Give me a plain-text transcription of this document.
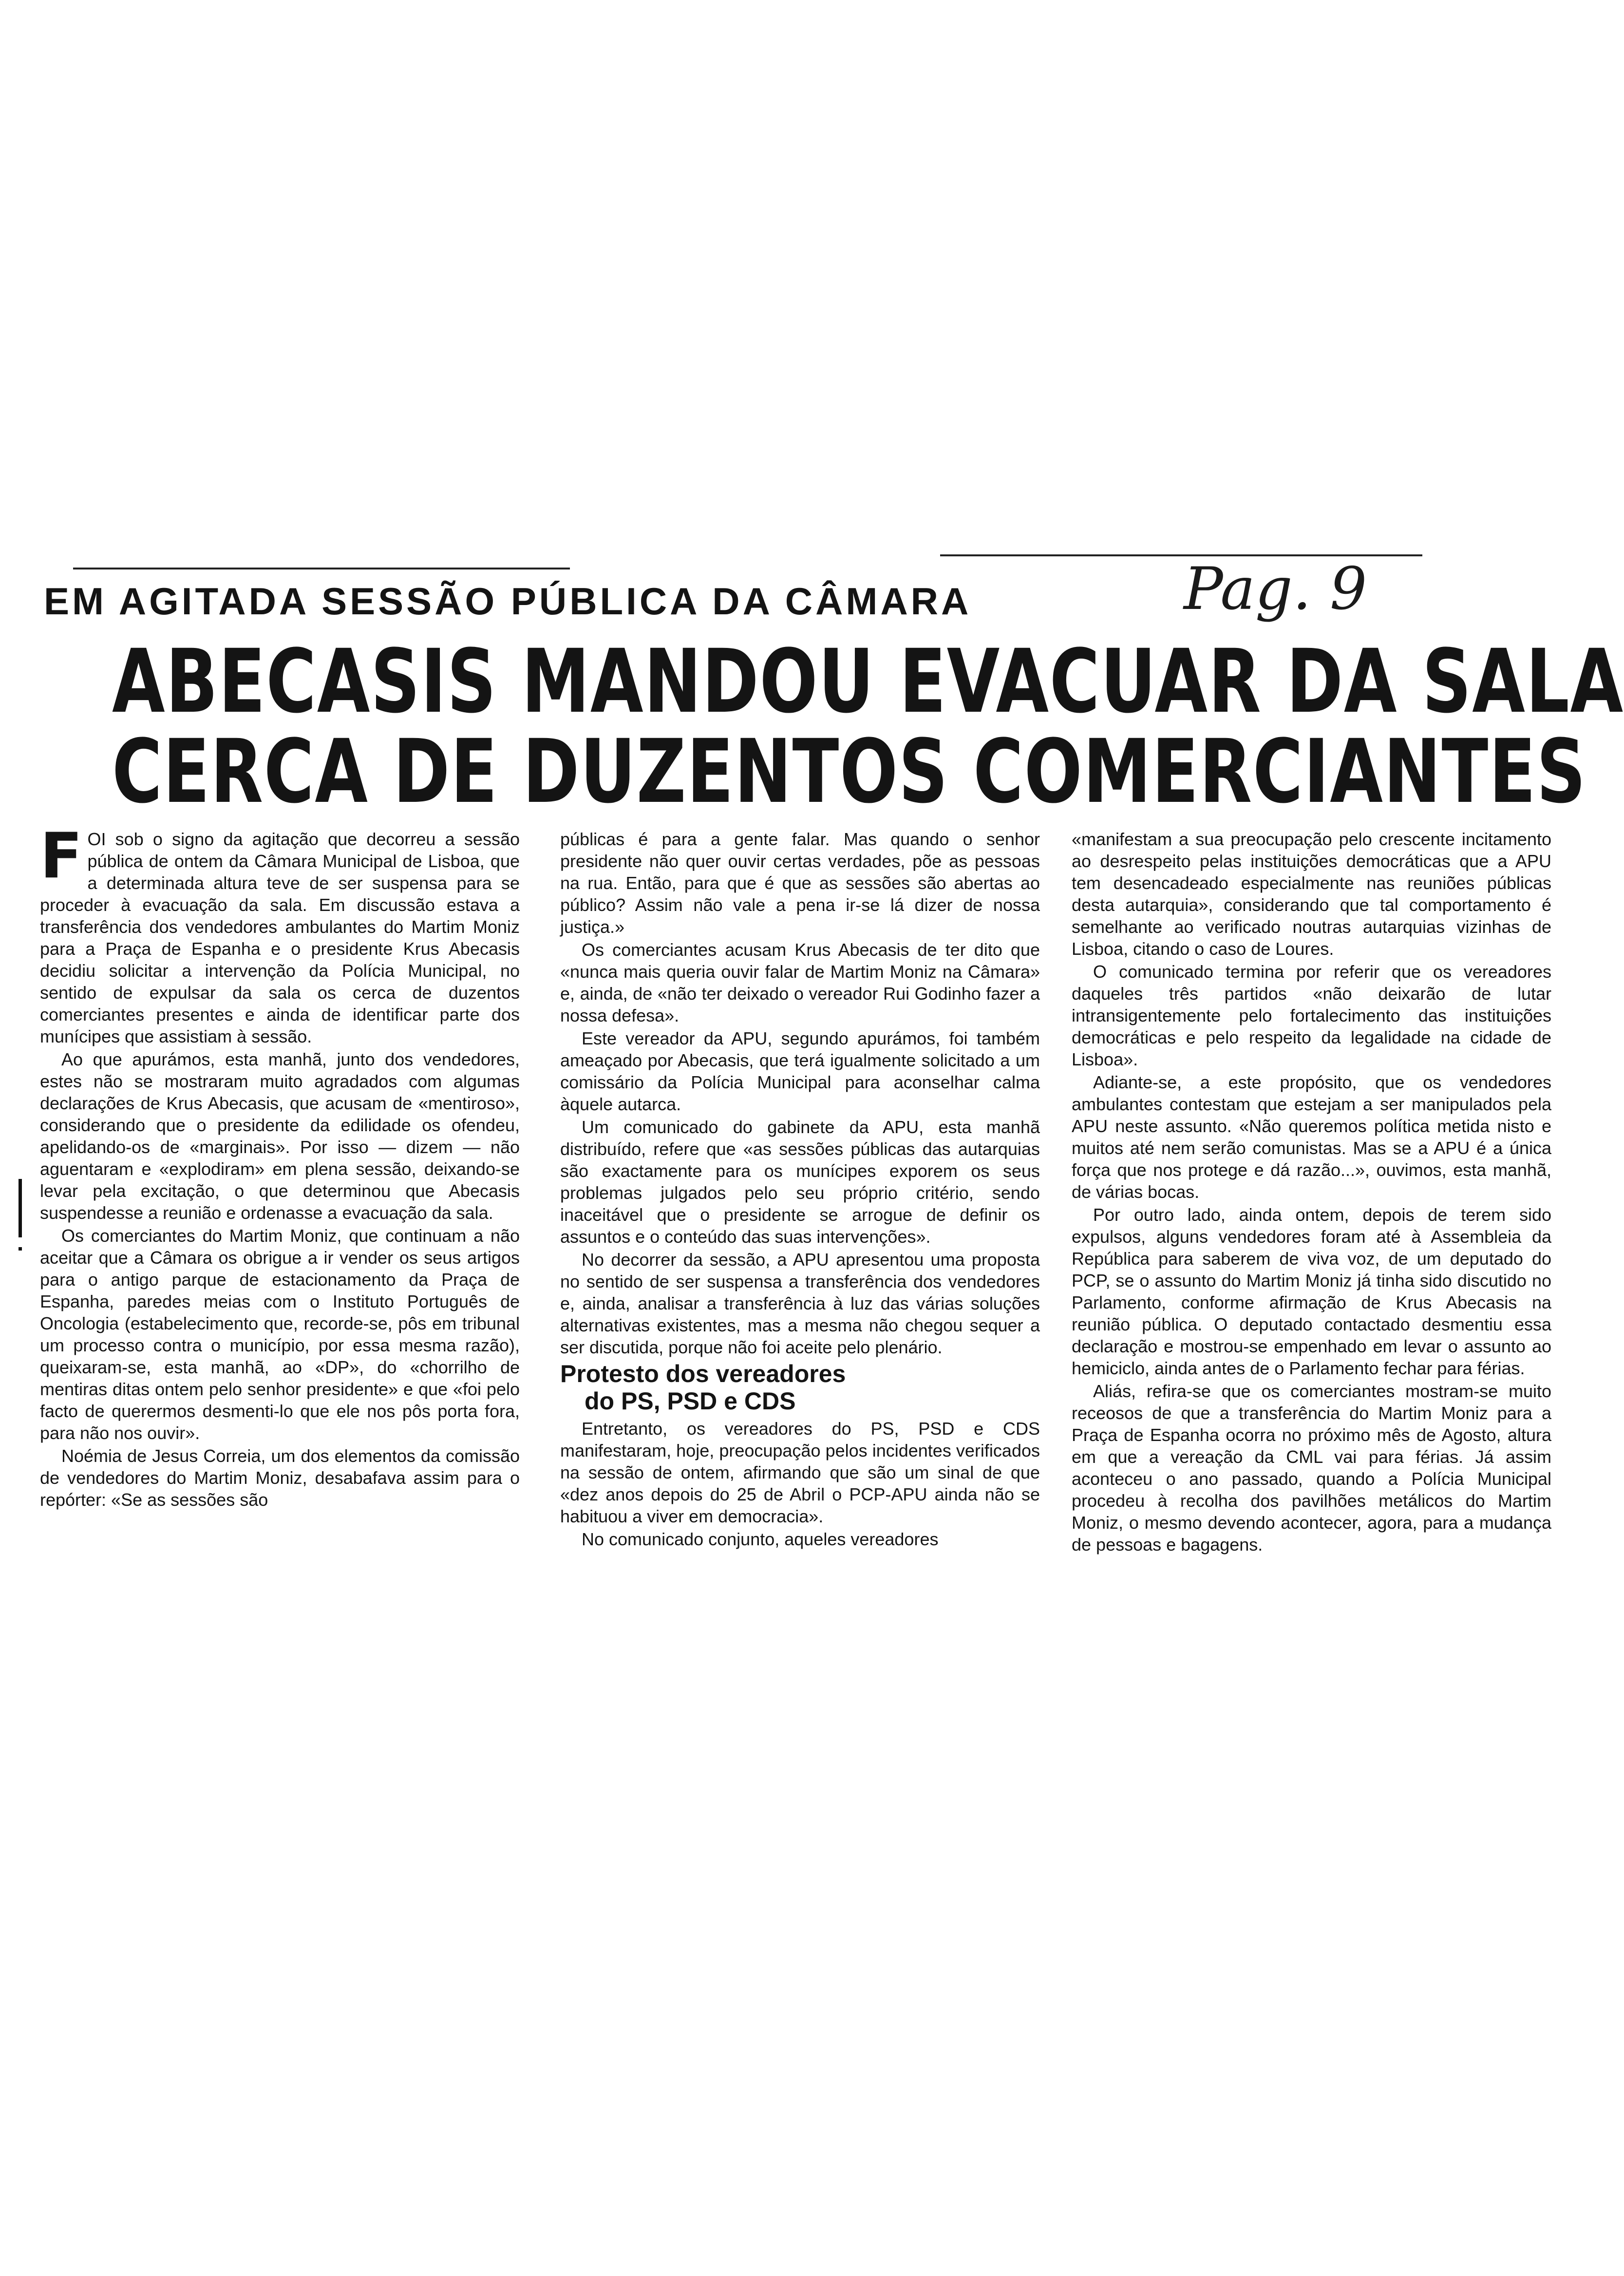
EM AGITADA SESSÃO PÚBLICA DA CÂMARA	Pag. 9
ABECASIS MANDOU EVACUAR DA SALA
CERCA DE DUZENTOS COMERCIANTES

FOI sob o signo da agitação que decorreu a sessão pública de ontem da Câmara Municipal de Lisboa, que a determinada altura teve de ser suspensa para se proceder à evacuação da sala. Em discussão estava a transferência dos vendedores ambulantes do Martim Moniz para a Praça de Espanha e o presidente Krus Abecasis decidiu solicitar a intervenção da Polícia Municipal, no sentido de expulsar da sala os cerca de duzentos comerciantes presentes e ainda de identificar parte dos munícipes que assistiam à sessão.

Ao que apurámos, esta manhã, junto dos vendedores, estes não se mostraram muito agradados com algumas declarações de Krus Abecasis, que acusam de «mentiroso», considerando que o presidente da edilidade os ofendeu, apelidando-os de «marginais». Por isso — dizem — não aguentaram e «explodiram» em plena sessão, deixando-se levar pela excitação, o que determinou que Abecasis suspendesse a reunião e ordenasse a evacuação da sala.

Os comerciantes do Martim Moniz, que continuam a não aceitar que a Câmara os obrigue a ir vender os seus artigos para o antigo parque de estacionamento da Praça de Espanha, paredes meias com o Instituto Português de Oncologia (estabelecimento que, recorde-se, pôs em tribunal um processo contra o município, por essa mesma razão), queixaram-se, esta manhã, ao «DP», do «chorrilho de mentiras ditas ontem pelo senhor presidente» e que «foi pelo facto de querermos desmenti-lo que ele nos pôs porta fora, para não nos ouvir».

Noémia de Jesus Correia, um dos elementos da comissão de vendedores do Martim Moniz, desabafava assim para o repórter: «Se as sessões são

públicas é para a gente falar. Mas quando o senhor presidente não quer ouvir certas verdades, põe as pessoas na rua. Então, para que é que as sessões são abertas ao público? Assim não vale a pena ir-se lá dizer de nossa justiça.»

Os comerciantes acusam Krus Abecasis de ter dito que «nunca mais queria ouvir falar de Martim Moniz na Câmara» e, ainda, de «não ter deixado o vereador Rui Godinho fazer a nossa defesa».

Este vereador da APU, segundo apurámos, foi também ameaçado por Abecasis, que terá igualmente solicitado a um comissário da Polícia Municipal para aconselhar calma àquele autarca.

Um comunicado do gabinete da APU, esta manhã distribuído, refere que «as sessões públicas das autarquias são exactamente para os munícipes exporem os seus problemas julgados pelo seu próprio critério, sendo inaceitável que o presidente se arrogue de definir os assuntos e o conteúdo das suas intervenções».

No decorrer da sessão, a APU apresentou uma proposta no sentido de ser suspensa a transferência dos vendedores e, ainda, analisar a transferência à luz das várias soluções alternativas existentes, mas a mesma não chegou sequer a ser discutida, porque não foi aceite pelo plenário.

Protesto dos vereadores
do PS, PSD e CDS

Entretanto, os vereadores do PS, PSD e CDS manifestaram, hoje, preocupação pelos incidentes verificados na sessão de ontem, afirmando que são um sinal de que «dez anos depois do 25 de Abril o PCP-APU ainda não se habituou a viver em democracia».

No comunicado conjunto, aqueles vereadores

«manifestam a sua preocupação pelo crescente incitamento ao desrespeito pelas instituições democráticas que a APU tem desencadeado especialmente nas reuniões públicas desta autarquia», considerando que tal comportamento é semelhante ao verificado noutras autarquias vizinhas de Lisboa, citando o caso de Loures.

O comunicado termina por referir que os vereadores daqueles três partidos «não deixarão de lutar intransigentemente pelo fortalecimento das instituições democráticas e pelo respeito da legalidade na cidade de Lisboa».

Adiante-se, a este propósito, que os vendedores ambulantes contestam que estejam a ser manipulados pela APU neste assunto. «Não queremos política metida nisto e muitos até nem serão comunistas. Mas se a APU é a única força que nos protege e dá razão...», ouvimos, esta manhã, de várias bocas.

Por outro lado, ainda ontem, depois de terem sido expulsos, alguns vendedores foram até à Assembleia da República para saberem de viva voz, de um deputado do PCP, se o assunto do Martim Moniz já tinha sido discutido no Parlamento, conforme afirmação de Krus Abecasis na reunião pública. O deputado contactado desmentiu essa declaração e mostrou-se empenhado em levar o assunto ao hemiciclo, ainda antes de o Parlamento fechar para férias.

Aliás, refira-se que os comerciantes mostram-se muito receosos de que a transferência do Martim Moniz para a Praça de Espanha ocorra no próximo mês de Agosto, altura em que a vereação da CML vai para férias. Já assim aconteceu o ano passado, quando a Polícia Municipal procedeu à recolha dos pavilhões metálicos do Martim Moniz, o mesmo devendo acontecer, agora, para a mudança de pessoas e bagagens.
